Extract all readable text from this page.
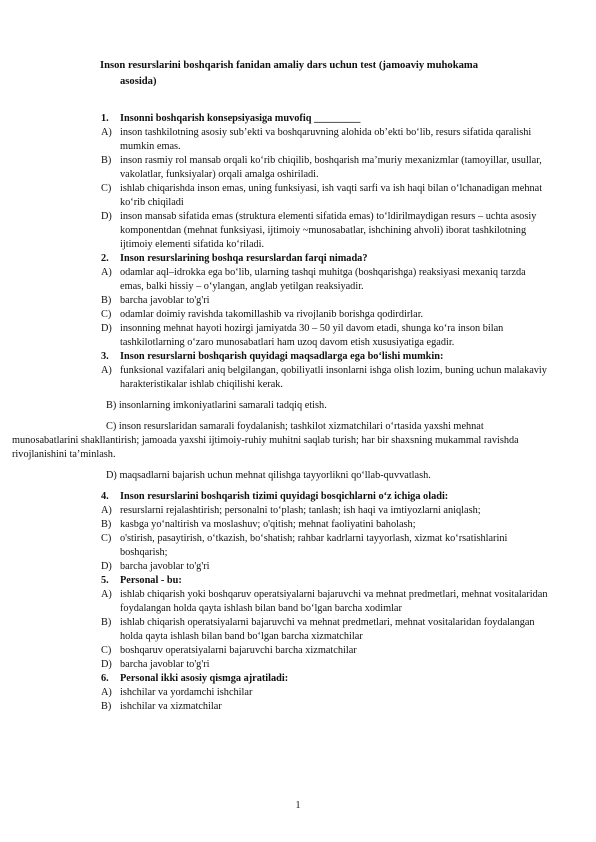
Inson resurslarini boshqarish fanidan amaliy dars uchun test (jamoaviy muhokama
asosida)
1. Insonni boshqarish konsepsiyasiga muvofiq _________
A) inson tashkilotning asosiy sub’ekti va boshqaruvning alohida ob’ekti bo‘lib, resurs sifatida qaralishi mumkin emas.
B) inson rasmiy rol mansab orqali ko‘rib chiqilib, boshqarish ma’muriy mexanizmlar (tamoyillar, usullar, vakolatlar, funksiyalar) orqali amalga oshiriladi.
C) ishlab chiqarishda inson emas, uning funksiyasi, ish vaqti sarfi va ish haqi bilan o‘lchanadigan mehnat ko‘rib chiqiladi
D) inson mansab sifatida emas (struktura elementi sifatida emas) to‘ldirilmaydigan resurs – uchta asosiy komponentdan (mehnat funksiyasi, ijtimoiy ~munosabatlar, ishchining ahvoli) iborat tashkilotning ijtimoiy elementi sifatida ko‘riladi.
2. Inson resurslarining boshqa resurslardan farqi nimada?
A) odamlar aql–idrokka ega bo‘lib, ularning tashqi muhitga (boshqarishga) reaksiyasi mexaniq tarzda emas, balki hissiy – o‘ylangan, anglab yetilgan reaksiyadir.
B) barcha javoblar to'g'ri
C) odamlar doimiy ravishda takomillashib va rivojlanib borishga qodirdirlar.
D) insonning mehnat hayoti hozirgi jamiyatda 30 – 50 yil davom etadi, shunga ko‘ra inson bilan tashkilotlarning o‘zaro munosabatlari ham uzoq davom etish xususiyatiga egadir.
3. Inson resurslarni boshqarish quyidagi maqsadlarga ega bo‘lishi mumkin:
A) funksional vazifalari aniq belgilangan, qobiliyatli insonlarni ishga olish lozim, buning uchun malakaviy harakteristikalar ishlab chiqilishi kerak.
B) insonlarning imkoniyatlarini samarali tadqiq etish.
C) inson resurslaridan samarali foydalanish; tashkilot xizmatchilari o‘rtasida yaxshi mehnat munosabatlarini shakllantirish; jamoada yaxshi ijtimoiy-ruhiy muhitni saqlab turish; har bir shaxsning mukammal ravishda rivojlanishini ta’minlash.
D) maqsadlarni bajarish uchun mehnat qilishga tayyorlikni qo‘llab-quvvatlash.
4. Inson resurslarini boshqarish tizimi quyidagi bosqichlarni o‘z ichiga oladi:
A) resurslarni rejalashtirish; personalni to‘plash; tanlash; ish haqi va imtiyozlarni aniqlash;
B) kasbga yo‘naltirish va moslashuv; o'qitish; mehnat faoliyatini baholash;
C) o'stirish, pasaytirish, o‘tkazish, bo‘shatish; rahbar kadrlarni tayyorlash, xizmat ko‘rsatishlarini boshqarish;
D) barcha javoblar to'g'ri
5. Personal - bu:
A) ishlab chiqarish yoki boshqaruv operatsiyalarni bajaruvchi va mehnat predmetlari, mehnat vositalaridan foydalangan holda qayta ishlash bilan band bo‘lgan barcha xodimlar
B) ishlab chiqarish operatsiyalarni bajaruvchi va mehnat predmetlari, mehnat vositalaridan foydalangan holda qayta ishlash bilan band bo‘lgan barcha xizmatchilar
C) boshqaruv operatsiyalarni bajaruvchi barcha xizmatchilar
D) barcha javoblar to'g'ri
6. Personal ikki asosiy qismga ajratiladi:
A) ishchilar va yordamchi ishchilar
B) ishchilar va xizmatchilar
1
